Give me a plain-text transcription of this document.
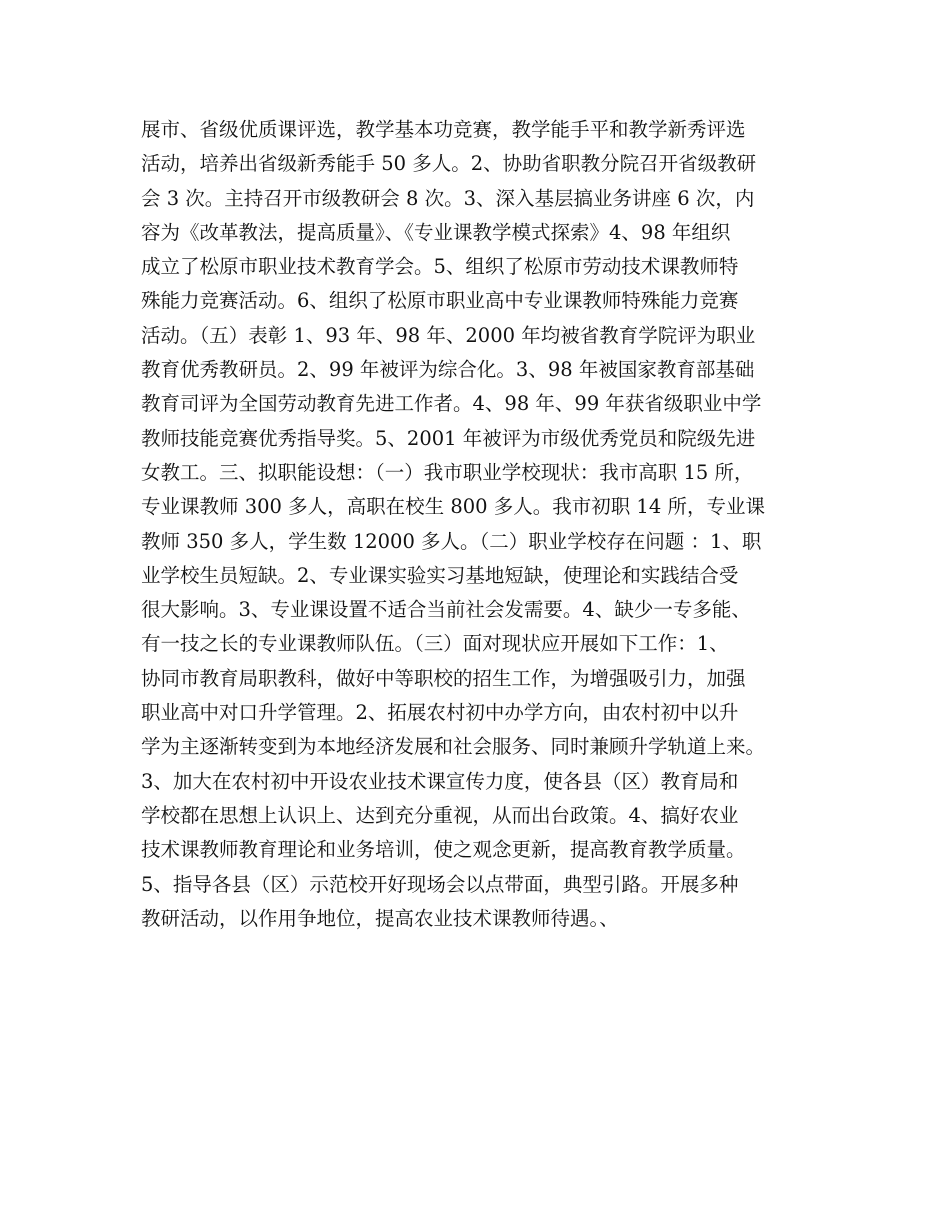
展市、省级优质课评选，教学基本功竞赛，教学能手平和教学新秀评选
活动，培养出省级新秀能手 50 多人。2、协助省职教分院召开省级教研
会 3 次。主持召开市级教研会 8 次。3、深入基层搞业务讲座 6 次，内
容为《改革教法，提高质量》、《专业课教学模式探索》4、98 年组织
成立了松原市职业技术教育学会。5、组织了松原市劳动技术课教师特
殊能力竞赛活动。6、组织了松原市职业高中专业课教师特殊能力竞赛
活动。（五）表彰 1、93 年、98 年、2000 年均被省教育学院评为职业
教育优秀教研员。2、99 年被评为综合化。3、98 年被国家教育部基础
教育司评为全国劳动教育先进工作者。4、98 年、99 年获省级职业中学
教师技能竞赛优秀指导奖。5、2001 年被评为市级优秀党员和院级先进
女教工。三、拟职能设想：（一）我市职业学校现状：我市高职 15 所，
专业课教师 300 多人，高职在校生 800 多人。我市初职 14 所，专业课
教师 350 多人，学生数 12000 多人。（二）职业学校存在问题 ：1、职
业学校生员短缺。2、专业课实验实习基地短缺，使理论和实践结合受
很大影响。3、专业课设置不适合当前社会发需要。4、缺少一专多能、
有一技之长的专业课教师队伍。（三）面对现状应开展如下工作：1、
协同市教育局职教科，做好中等职校的招生工作，为增强吸引力，加强
职业高中对口升学管理。2、拓展农村初中办学方向，由农村初中以升
学为主逐渐转变到为本地经济发展和社会服务、同时兼顾升学轨道上来。
3、加大在农村初中开设农业技术课宣传力度，使各县（区）教育局和
学校都在思想上认识上、达到充分重视，从而出台政策。4、搞好农业
技术课教师教育理论和业务培训，使之观念更新，提高教育教学质量。
5、指导各县（区）示范校开好现场会以点带面，典型引路。开展多种
教研活动，以作用争地位，提高农业技术课教师待遇。、
